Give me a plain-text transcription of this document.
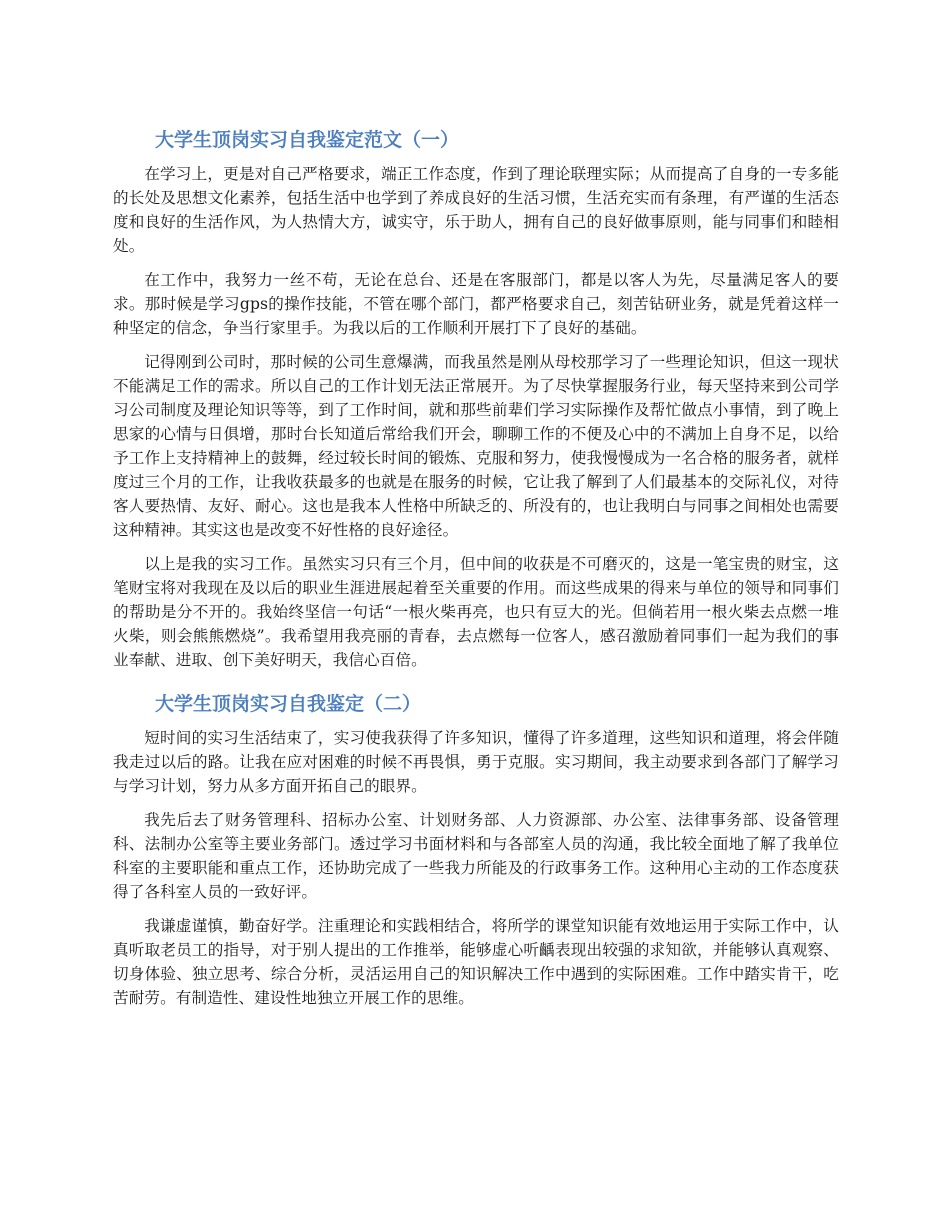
大学生顶岗实习自我鉴定范文（一）

在学习上，更是对自己严格要求，端正工作态度，作到了理论联理实际；从而提高了自身的一专多能的长处及思想文化素养，包括生活中也学到了养成良好的生活习惯，生活充实而有条理，有严谨的生活态度和良好的生活作风，为人热情大方，诚实守，乐于助人，拥有自己的良好做事原则，能与同事们和睦相处。

在工作中，我努力一丝不苟，无论在总台、还是在客服部门，都是以客人为先，尽量满足客人的要求。那时候是学习gps的操作技能，不管在哪个部门，都严格要求自己，刻苦钻研业务，就是凭着这样一种坚定的信念，争当行家里手。为我以后的工作顺利开展打下了良好的基础。

记得刚到公司时，那时候的公司生意爆满，而我虽然是刚从母校那学习了一些理论知识，但这一现状不能满足工作的需求。所以自己的工作计划无法正常展开。为了尽快掌握服务行业，每天坚持来到公司学习公司制度及理论知识等等，到了工作时间，就和那些前辈们学习实际操作及帮忙做点小事情，到了晚上思家的心情与日俱增，那时台长知道后常给我们开会，聊聊工作的不便及心中的不满加上自身不足，以给予工作上支持精神上的鼓舞，经过较长时间的锻炼、克服和努力，使我慢慢成为一名合格的服务者，就样度过三个月的工作，让我收获最多的也就是在服务的时候，它让我了解到了人们最基本的交际礼仪，对待客人要热情、友好、耐心。这也是我本人性格中所缺乏的、所没有的，也让我明白与同事之间相处也需要这种精神。其实这也是改变不好性格的良好途径。

以上是我的实习工作。虽然实习只有三个月，但中间的收获是不可磨灭的，这是一笔宝贵的财宝，这笔财宝将对我现在及以后的职业生涯进展起着至关重要的作用。而这些成果的得来与单位的领导和同事们的帮助是分不开的。我始终坚信一句话“一根火柴再亮，也只有豆大的光。但倘若用一根火柴去点燃一堆火柴，则会熊熊燃烧”。我希望用我亮丽的青春，去点燃每一位客人，感召激励着同事们一起为我们的事业奉献、进取、创下美好明天，我信心百倍。

大学生顶岗实习自我鉴定（二）

短时间的实习生活结束了，实习使我获得了许多知识，懂得了许多道理，这些知识和道理，将会伴随我走过以后的路。让我在应对困难的时候不再畏惧，勇于克服。实习期间，我主动要求到各部门了解学习与学习计划，努力从多方面开拓自己的眼界。

我先后去了财务管理科、招标办公室、计划财务部、人力资源部、办公室、法律事务部、设备管理科、法制办公室等主要业务部门。透过学习书面材料和与各部室人员的沟通，我比较全面地了解了我单位科室的主要职能和重点工作，还协助完成了一些我力所能及的行政事务工作。这种用心主动的工作态度获得了各科室人员的一致好评。

我谦虚谨慎，勤奋好学。注重理论和实践相结合，将所学的课堂知识能有效地运用于实际工作中，认真听取老员工的指导，对于别人提出的工作推举，能够虚心听齲表现出较强的求知欲，并能够认真观察、切身体验、独立思考、综合分析，灵活运用自己的知识解决工作中遇到的实际困难。工作中踏实肯干，吃苦耐劳。有制造性、建设性地独立开展工作的思维。
